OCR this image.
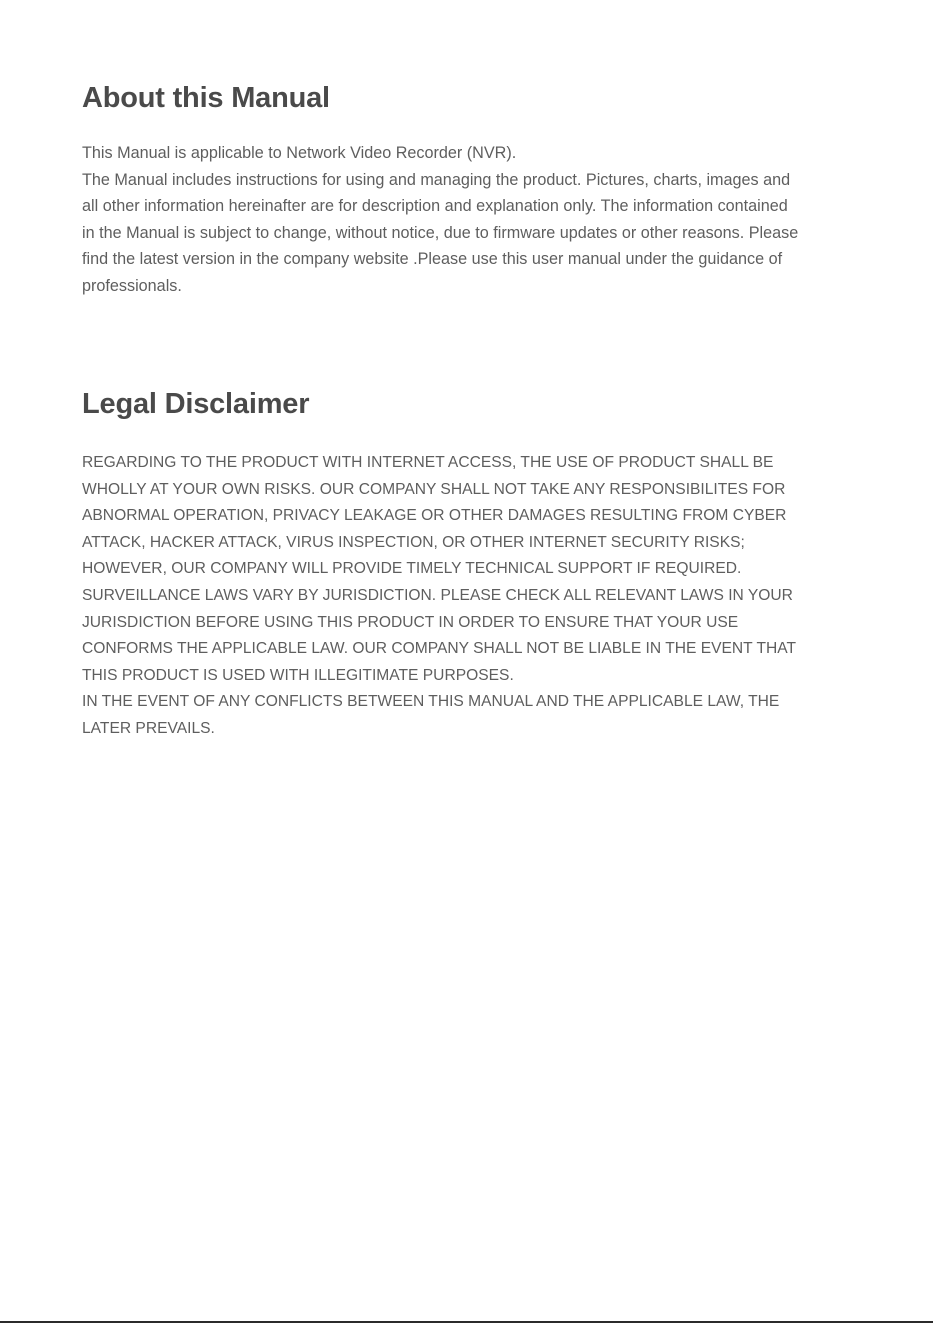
About this Manual
This Manual is applicable to Network Video Recorder (NVR).
The Manual includes instructions for using and managing the product. Pictures, charts, images and
all other information hereinafter are for description and explanation only. The information contained
in the Manual is subject to change, without notice, due to firmware updates or other reasons. Please
find the latest version in the company website .Please use this user manual under the guidance of
professionals.
Legal Disclaimer
REGARDING TO THE PRODUCT WITH INTERNET ACCESS, THE USE OF PRODUCT SHALL BE
WHOLLY AT YOUR OWN RISKS. OUR COMPANY SHALL NOT TAKE ANY RESPONSIBILITES FOR
ABNORMAL OPERATION, PRIVACY LEAKAGE OR OTHER DAMAGES RESULTING FROM CYBER
ATTACK, HACKER ATTACK, VIRUS INSPECTION, OR OTHER INTERNET SECURITY RISKS;
HOWEVER, OUR COMPANY WILL PROVIDE TIMELY TECHNICAL SUPPORT IF REQUIRED.
SURVEILLANCE LAWS VARY BY JURISDICTION. PLEASE CHECK ALL RELEVANT LAWS IN YOUR
JURISDICTION BEFORE USING THIS PRODUCT IN ORDER TO ENSURE THAT YOUR USE
CONFORMS THE APPLICABLE LAW. OUR COMPANY SHALL NOT BE LIABLE IN THE EVENT THAT
THIS PRODUCT IS USED WITH ILLEGITIMATE PURPOSES.
IN THE EVENT OF ANY CONFLICTS BETWEEN THIS MANUAL AND THE APPLICABLE LAW, THE
LATER PREVAILS.
